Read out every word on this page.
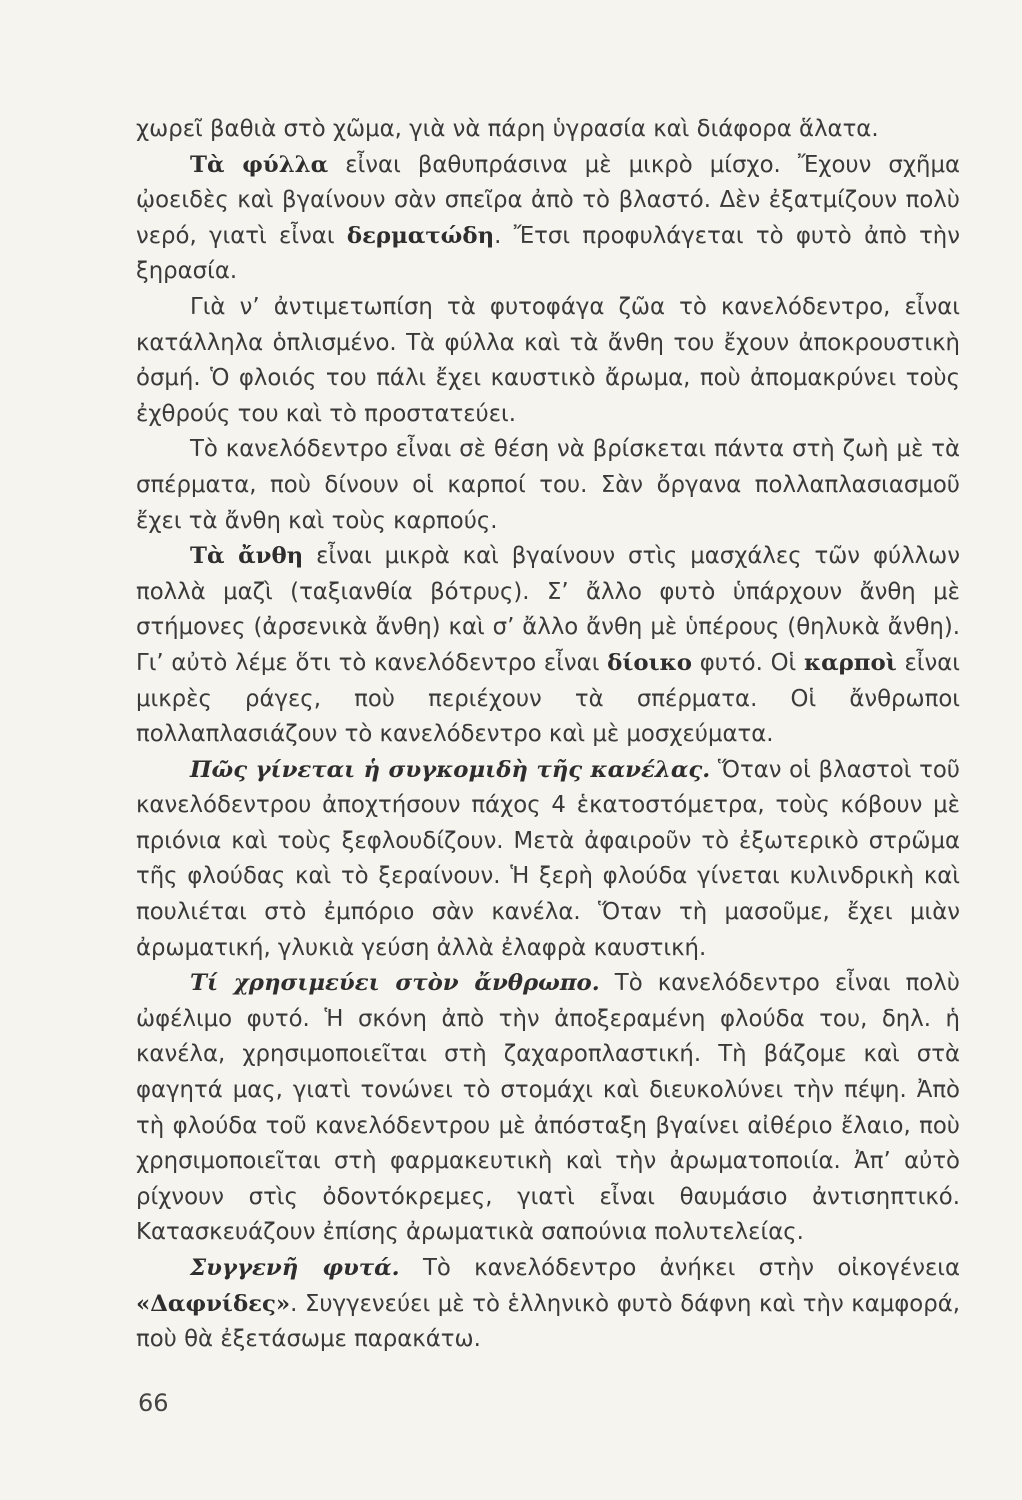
χωρεῖ βαθιὰ στὸ χῶμα, γιὰ νὰ πάρη ὑγρασία καὶ διάφορα ἅλατα.

Τὰ φύλλα εἶναι βαθυπράσινα μὲ μικρὸ μίσχο. Ἔχουν σχῆμα ᾠοειδὲς καὶ βγαίνουν σὰν σπεῖρα ἀπὸ τὸ βλαστό. Δὲν ἐξατμίζουν πολὺ νερό, γιατὶ εἶναι δερματώδη. Ἔτσι προφυλάγεται τὸ φυτὸ ἀπὸ τὴν ξηρασία.

Γιὰ ν’ ἀντιμετωπίση τὰ φυτοφάγα ζῶα τὸ κανελόδεντρο, εἶναι κατάλληλα ὁπλισμένο. Τὰ φύλλα καὶ τὰ ἄνθη του ἔχουν ἀποκρουστικὴ ὀσμή. Ὁ φλοιός του πάλι ἔχει καυστικὸ ἄρωμα, ποὺ ἀπομακρύνει τοὺς ἐχθρούς του καὶ τὸ προστατεύει.

Τὸ κανελόδεντρο εἶναι σὲ θέση νὰ βρίσκεται πάντα στὴ ζωὴ μὲ τὰ σπέρματα, ποὺ δίνουν οἱ καρποί του. Σὰν ὄργανα πολλαπλασιασμοῦ ἔχει τὰ ἄνθη καὶ τοὺς καρπούς.

Τὰ ἄνθη εἶναι μικρὰ καὶ βγαίνουν στὶς μασχάλες τῶν φύλλων πολλὰ μαζὶ (ταξιανθία βότρυς). Σ’ ἄλλο φυτὸ ὑπάρχουν ἄνθη μὲ στήμονες (ἀρσενικὰ ἄνθη) καὶ σ’ ἄλλο ἄνθη μὲ ὑπέρους (θηλυκὰ ἄνθη). Γι’ αὐτὸ λέμε ὅτι τὸ κανελόδεντρο εἶναι δίοικο φυτό. Οἱ καρποὶ εἶναι μικρὲς ράγες, ποὺ περιέχουν τὰ σπέρματα. Οἱ ἄνθρωποι πολλαπλασιάζουν τὸ κανελόδεντρο καὶ μὲ μοσχεύματα.

Πῶς γίνεται ἡ συγκομιδὴ τῆς κανέλας. Ὅταν οἱ βλαστοὶ τοῦ κανελόδεντρου ἀποχτήσουν πάχος 4 ἑκατοστόμετρα, τοὺς κόβουν μὲ πριόνια καὶ τοὺς ξεφλουδίζουν. Μετὰ ἀφαιροῦν τὸ ἐξωτερικὸ στρῶμα τῆς φλούδας καὶ τὸ ξεραίνουν. Ἡ ξερὴ φλούδα γίνεται κυλινδρικὴ καὶ πουλιέται στὸ ἐμπόριο σὰν κανέλα. Ὅταν τὴ μασοῦμε, ἔχει μιὰν ἀρωματική, γλυκιὰ γεύση ἀλλὰ ἐλαφρὰ καυστική.

Τί χρησιμεύει στὸν ἄνθρωπο. Τὸ κανελόδεντρο εἶναι πολὺ ὠφέλιμο φυτό. Ἡ σκόνη ἀπὸ τὴν ἀποξεραμένη φλούδα του, δηλ. ἡ κανέλα, χρησιμοποιεῖται στὴ ζαχαροπλαστική. Τὴ βάζομε καὶ στὰ φαγητά μας, γιατὶ τονώνει τὸ στομάχι καὶ διευκολύνει τὴν πέψη. Ἀπὸ τὴ φλούδα τοῦ κανελόδεντρου μὲ ἀπόσταξη βγαίνει αἰθέριο ἔλαιο, ποὺ χρησιμοποιεῖται στὴ φαρμακευτικὴ καὶ τὴν ἀρωματοποιία. Ἀπ’ αὐτὸ ρίχνουν στὶς ὀδοντόκρεμες, γιατὶ εἶναι θαυμάσιο ἀντισηπτικό. Κατασκευάζουν ἐπίσης ἀρωματικὰ σαπούνια πολυτελείας.

Συγγενῆ φυτά. Τὸ κανελόδεντρο ἀνήκει στὴν οἰκογένεια «Δαφνίδες». Συγγενεύει μὲ τὸ ἑλληνικὸ φυτὸ δάφνη καὶ τὴν καμφορά, ποὺ θὰ ἐξετάσωμε παρακάτω.

66
